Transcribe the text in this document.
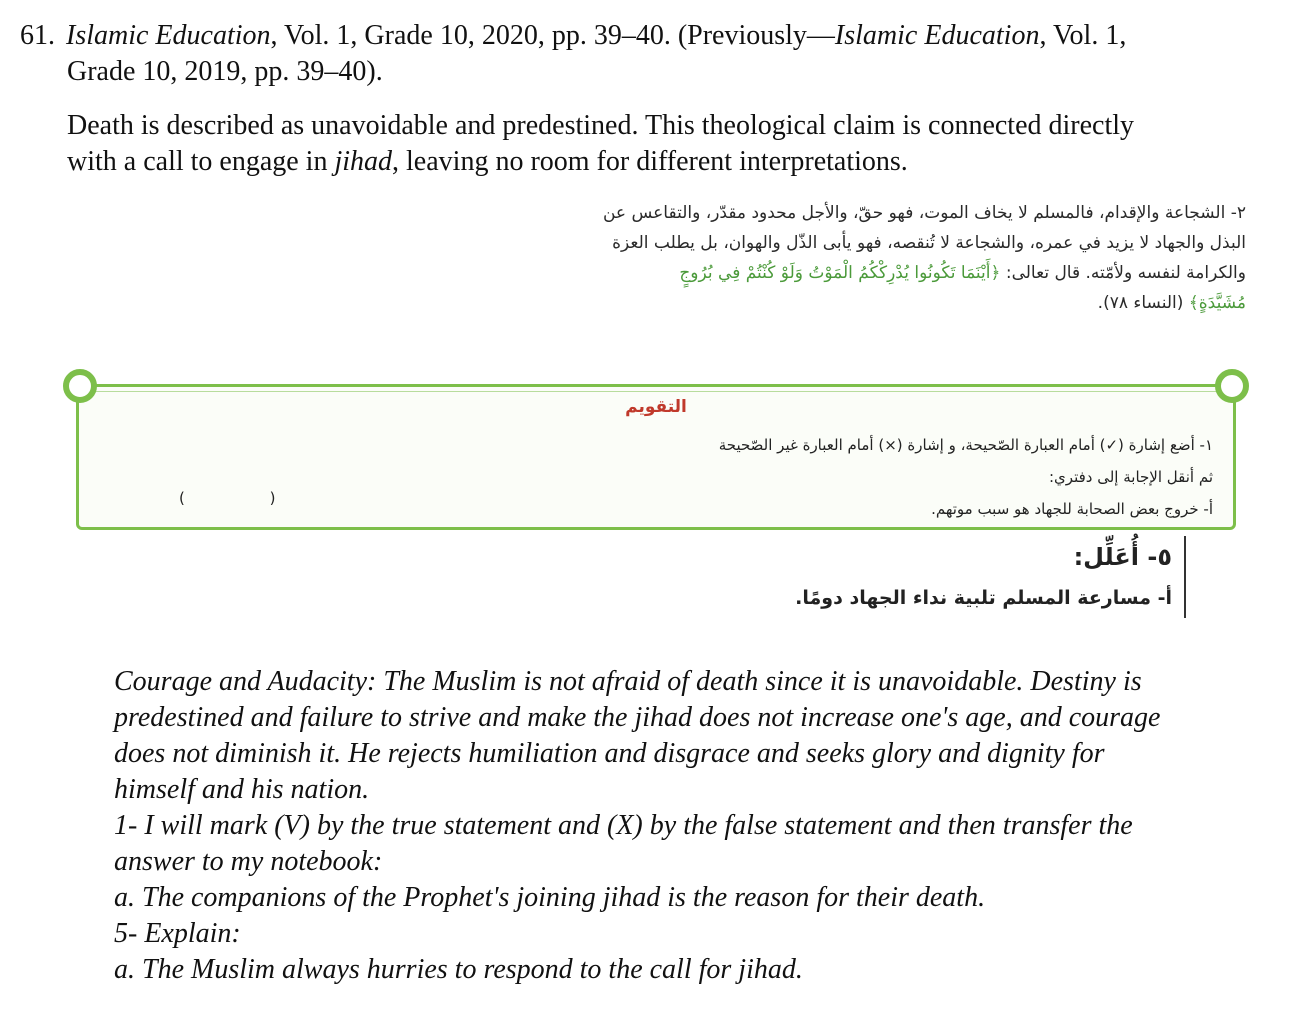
61. Islamic Education, Vol. 1, Grade 10, 2020, pp. 39–40. (Previously—Islamic Education, Vol. 1,
Grade 10, 2019, pp. 39–40).
Death is described as unavoidable and predestined. This theological claim is connected directly
with a call to engage in jihad, leaving no room for different interpretations.
٢- الشجاعة والإقدام، فالمسلم لا يخاف الموت، فهو حقّ، والأجل محدود مقدّر، والتقاعس عن
البذل والجهاد لا يزيد في عمره، والشجاعة لا تُنقصه، فهو يأبى الذّل والهوان، بل يطلب العزة
والكرامة لنفسه ولأمّته. قال تعالى: ﴿أَيْنَمَا تَكُونُوا يُدْرِكْكُمُ الْمَوْتُ وَلَوْ كُنْتُمْ فِي بُرُوجٍ
مُشَيَّدَةٍ﴾ (النساء ٧٨).
التقويم
١- أضع إشارة (✓) أمام العبارة الصّحيحة، و إشارة (×) أمام العبارة غير الصّحيحة
ثم أنقل الإجابة إلى دفتري:
أ- خروج بعض الصحابة للجهاد هو سبب موتهم.
( )
٥- أُعَلِّل:
أ- مسارعة المسلم تلبية نداء الجهاد دومًا.
Courage and Audacity: The Muslim is not afraid of death since it is unavoidable. Destiny is
predestined and failure to strive and make the jihad does not increase one's age, and courage
does not diminish it. He rejects humiliation and disgrace and seeks glory and dignity for
himself and his nation.
1- I will mark (V) by the true statement and (X) by the false statement and then transfer the
answer to my notebook:
a. The companions of the Prophet's joining jihad is the reason for their death.
5- Explain:
a. The Muslim always hurries to respond to the call for jihad.
